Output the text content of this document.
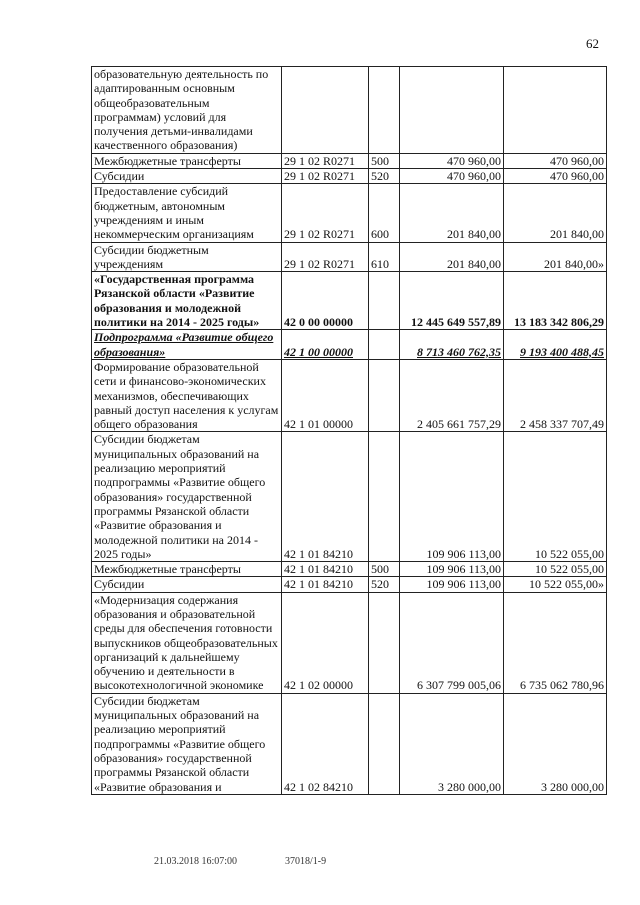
62
образовательную деятельность по адаптированным основным общеобразовательным программам) условий для получения детьми-инвалидами качественного образования)				
Межбюджетные трансферты	29 1 02 R0271	500	470 960,00	470 960,00
Субсидии	29 1 02 R0271	520	470 960,00	470 960,00
Предоставление субсидий бюджетным, автономным учреждениям и иным некоммерческим организациям	29 1 02 R0271	600	201 840,00	201 840,00
Субсидии бюджетным учреждениям	29 1 02 R0271	610	201 840,00	201 840,00»
«Государственная программа Рязанской области «Развитие образования и молодежной политики на 2014 - 2025 годы»	42 0 00 00000		12 445 649 557,89	13 183 342 806,29
Подпрограмма «Развитие общего образования»	42 1 00 00000		8 713 460 762,35	9 193 400 488,45
Формирование образовательной сети и финансово-экономических механизмов, обеспечивающих равный доступ населения к услугам общего образования	42 1 01 00000		2 405 661 757,29	2 458 337 707,49
Субсидии бюджетам муниципальных образований на реализацию мероприятий подпрограммы «Развитие общего образования» государственной программы Рязанской области «Развитие образования и молодежной политики на 2014 - 2025 годы»	42 1 01 84210		109 906 113,00	10 522 055,00
Межбюджетные трансферты	42 1 01 84210	500	109 906 113,00	10 522 055,00
Субсидии	42 1 01 84210	520	109 906 113,00	10 522 055,00»
«Модернизация содержания образования и образовательной среды для обеспечения готовности выпускников общеобразовательных организаций к дальнейшему обучению и деятельности в высокотехнологичной экономике	42 1 02 00000		6 307 799 005,06	6 735 062 780,96
Субсидии бюджетам муниципальных образований на реализацию мероприятий подпрограммы «Развитие общего образования» государственной программы Рязанской области «Развитие образования и	42 1 02 84210		3 280 000,00	3 280 000,00
21.03.2018 16:07:00	37018/1-9
